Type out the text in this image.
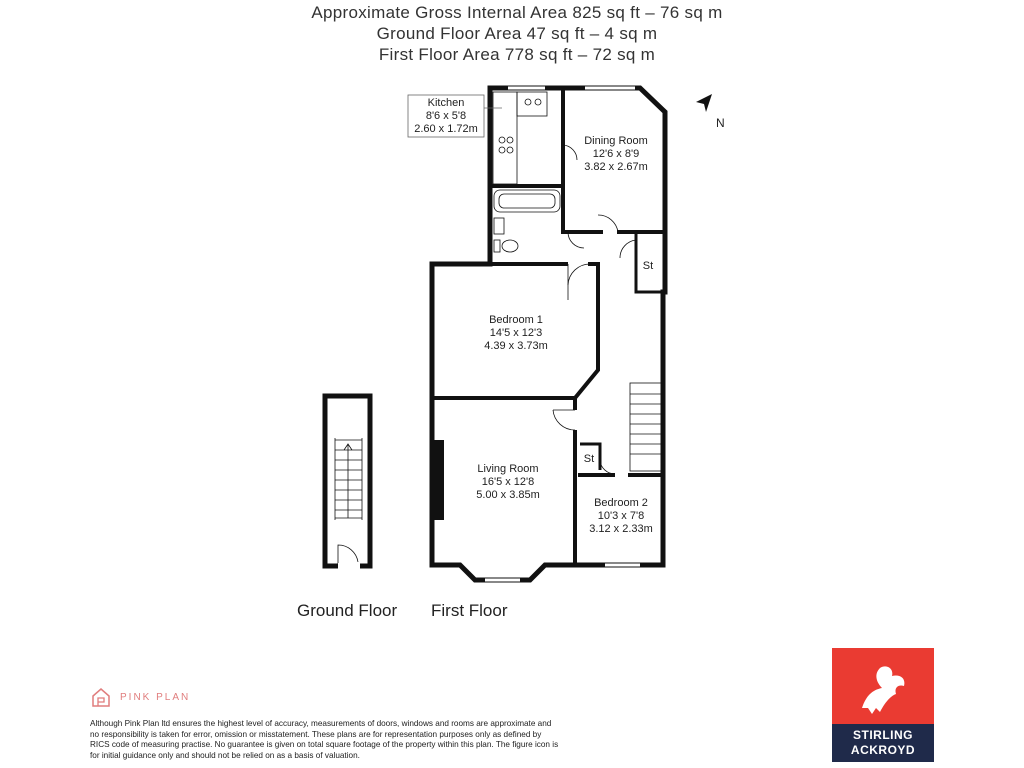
Approximate Gross Internal Area 825 sq ft – 76 sq m
Ground Floor Area 47 sq ft – 4 sq m
First Floor Area 778 sq ft – 72 sq m
Kitchen
8'6 x 5'8
2.60 x 1.72m
Dining Room
12'6 x 8'9
3.82 x 2.67m
Bedroom 1
14'5 x 12'3
4.39 x 3.73m
Living Room
16'5 x 12'8
5.00 x 3.85m
Bedroom 2
10'3 x 7'8
3.12 x 2.33m
St
St
N
Ground Floor First Floor
PINK PLAN
Although Pink Plan ltd ensures the highest level of accuracy, measurements of doors, windows and rooms are approximate and no responsibility is taken for error, omission or misstatement. These plans are for representation purposes only as defined by RICS code of measuring practise. No guarantee is given on total square footage of the property within this plan. The figure icon is for initial guidance only and should not be relied on as a basis of valuation.
STIRLING
ACKROYD
